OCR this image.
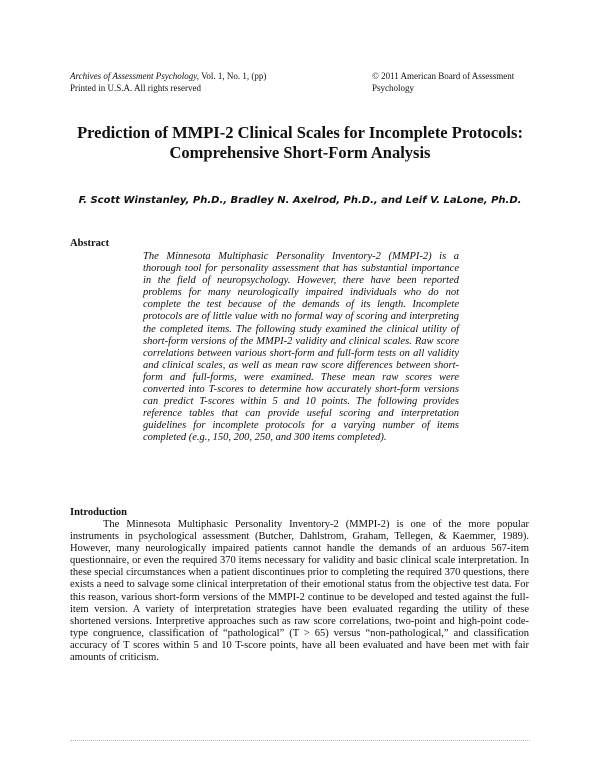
Archives of Assessment Psychology, Vol. 1, No. 1, (pp)
Printed in U.S.A. All rights reserved
© 2011 American Board of Assessment Psychology
Prediction of MMPI-2 Clinical Scales for Incomplete Protocols: Comprehensive Short-Form Analysis
F. Scott Winstanley, Ph.D., Bradley N. Axelrod, Ph.D., and Leif V. LaLone, Ph.D.
Abstract
The Minnesota Multiphasic Personality Inventory-2 (MMPI-2) is a thorough tool for personality assessment that has substantial importance in the field of neuropsychology. However, there have been reported problems for many neurologically impaired individuals who do not complete the test because of the demands of its length. Incomplete protocols are of little value with no formal way of scoring and interpreting the completed items. The following study examined the clinical utility of short-form versions of the MMPI-2 validity and clinical scales. Raw score correlations between various short-form and full-form tests on all validity and clinical scales, as well as mean raw score differences between short-form and full-forms, were examined. These mean raw scores were converted into T-scores to determine how accurately short-form versions can predict T-scores within 5 and 10 points. The following provides reference tables that can provide useful scoring and interpretation guidelines for incomplete protocols for a varying number of items completed (e.g., 150, 200, 250, and 300 items completed).
Introduction
The Minnesota Multiphasic Personality Inventory-2 (MMPI-2) is one of the more popular instruments in psychological assessment (Butcher, Dahlstrom, Graham, Tellegen, & Kaemmer, 1989). However, many neurologically impaired patients cannot handle the demands of an arduous 567-item questionnaire, or even the required 370 items necessary for validity and basic clinical scale interpretation. In these special circumstances when a patient discontinues prior to completing the required 370 questions, there exists a need to salvage some clinical interpretation of their emotional status from the objective test data. For this reason, various short-form versions of the MMPI-2 continue to be developed and tested against the full-item version. A variety of interpretation strategies have been evaluated regarding the utility of these shortened versions. Interpretive approaches such as raw score correlations, two-point and high-point code-type congruence, classification of “pathological” (T > 65) versus “non-pathological,” and classification accuracy of T scores within 5 and 10 T-score points, have all been evaluated and have been met with fair amounts of criticism.
